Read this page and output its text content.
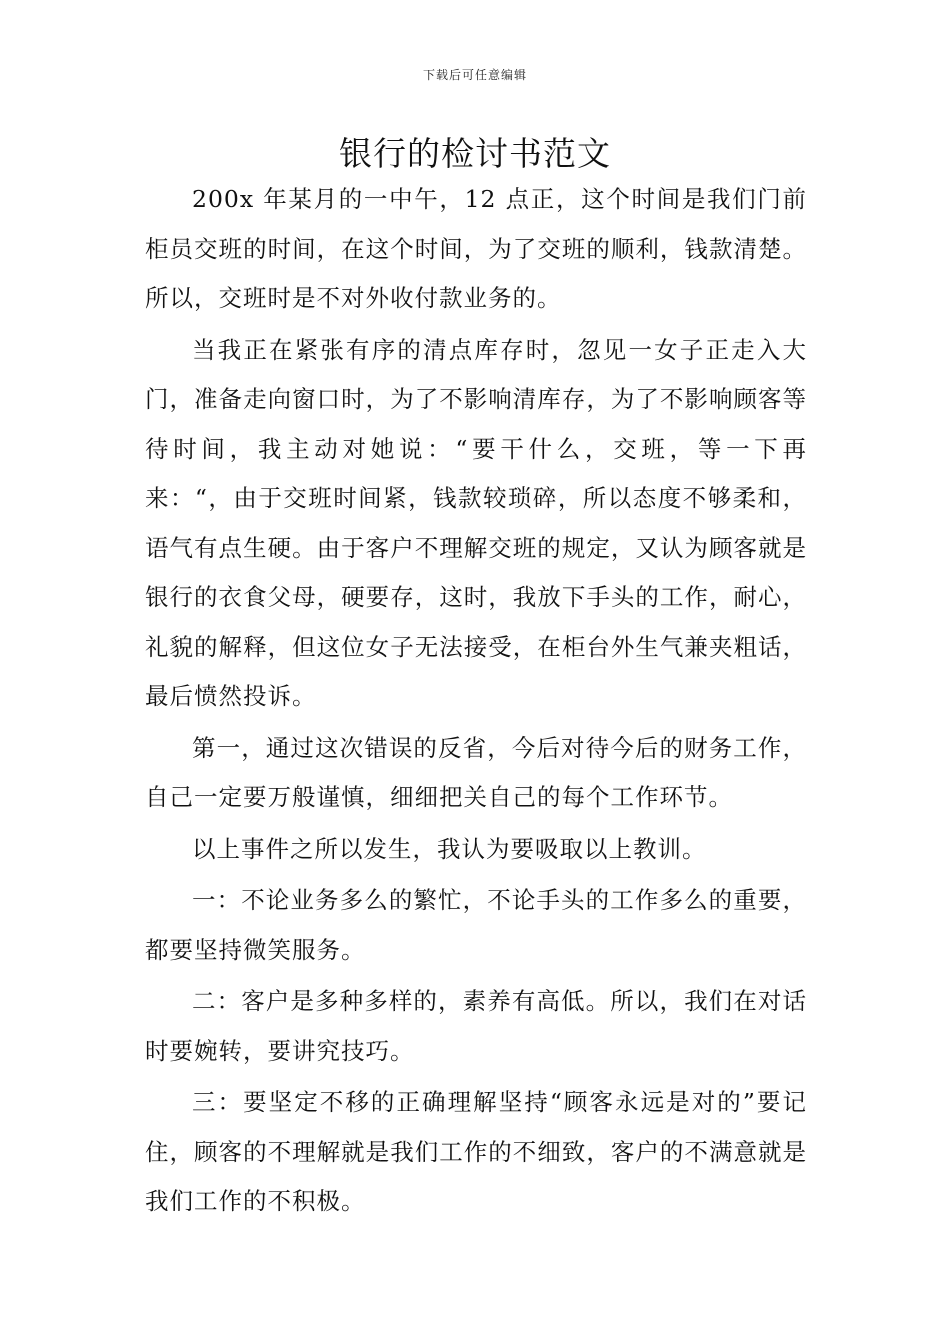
下载后可任意编辑
银行的检讨书范文

200x 年某月的一中午，12 点正，这个时间是我们门前柜员交班的时间，在这个时间，为了交班的顺利，钱款清楚。所以，交班时是不对外收付款业务的。

当我正在紧张有序的清点库存时，忽见一女子正走入大门，准备走向窗口时，为了不影响清库存，为了不影响顾客等待时间，我主动对她说：“要干什么，交班，等一下再来：“，由于交班时间紧，钱款较琐碎，所以态度不够柔和，语气有点生硬。由于客户不理解交班的规定，又认为顾客就是银行的衣食父母，硬要存，这时，我放下手头的工作，耐心，礼貌的解释，但这位女子无法接受，在柜台外生气兼夹粗话，最后愤然投诉。

第一，通过这次错误的反省，今后对待今后的财务工作，自己一定要万般谨慎，细细把关自己的每个工作环节。

以上事件之所以发生，我认为要吸取以上教训。

一：不论业务多么的繁忙，不论手头的工作多么的重要，都要坚持微笑服务。

二：客户是多种多样的，素养有高低。所以，我们在对话时要婉转，要讲究技巧。

三：要坚定不移的正确理解坚持“顾客永远是对的”要记住，顾客的不理解就是我们工作的不细致，客户的不满意就是我们工作的不积极。
